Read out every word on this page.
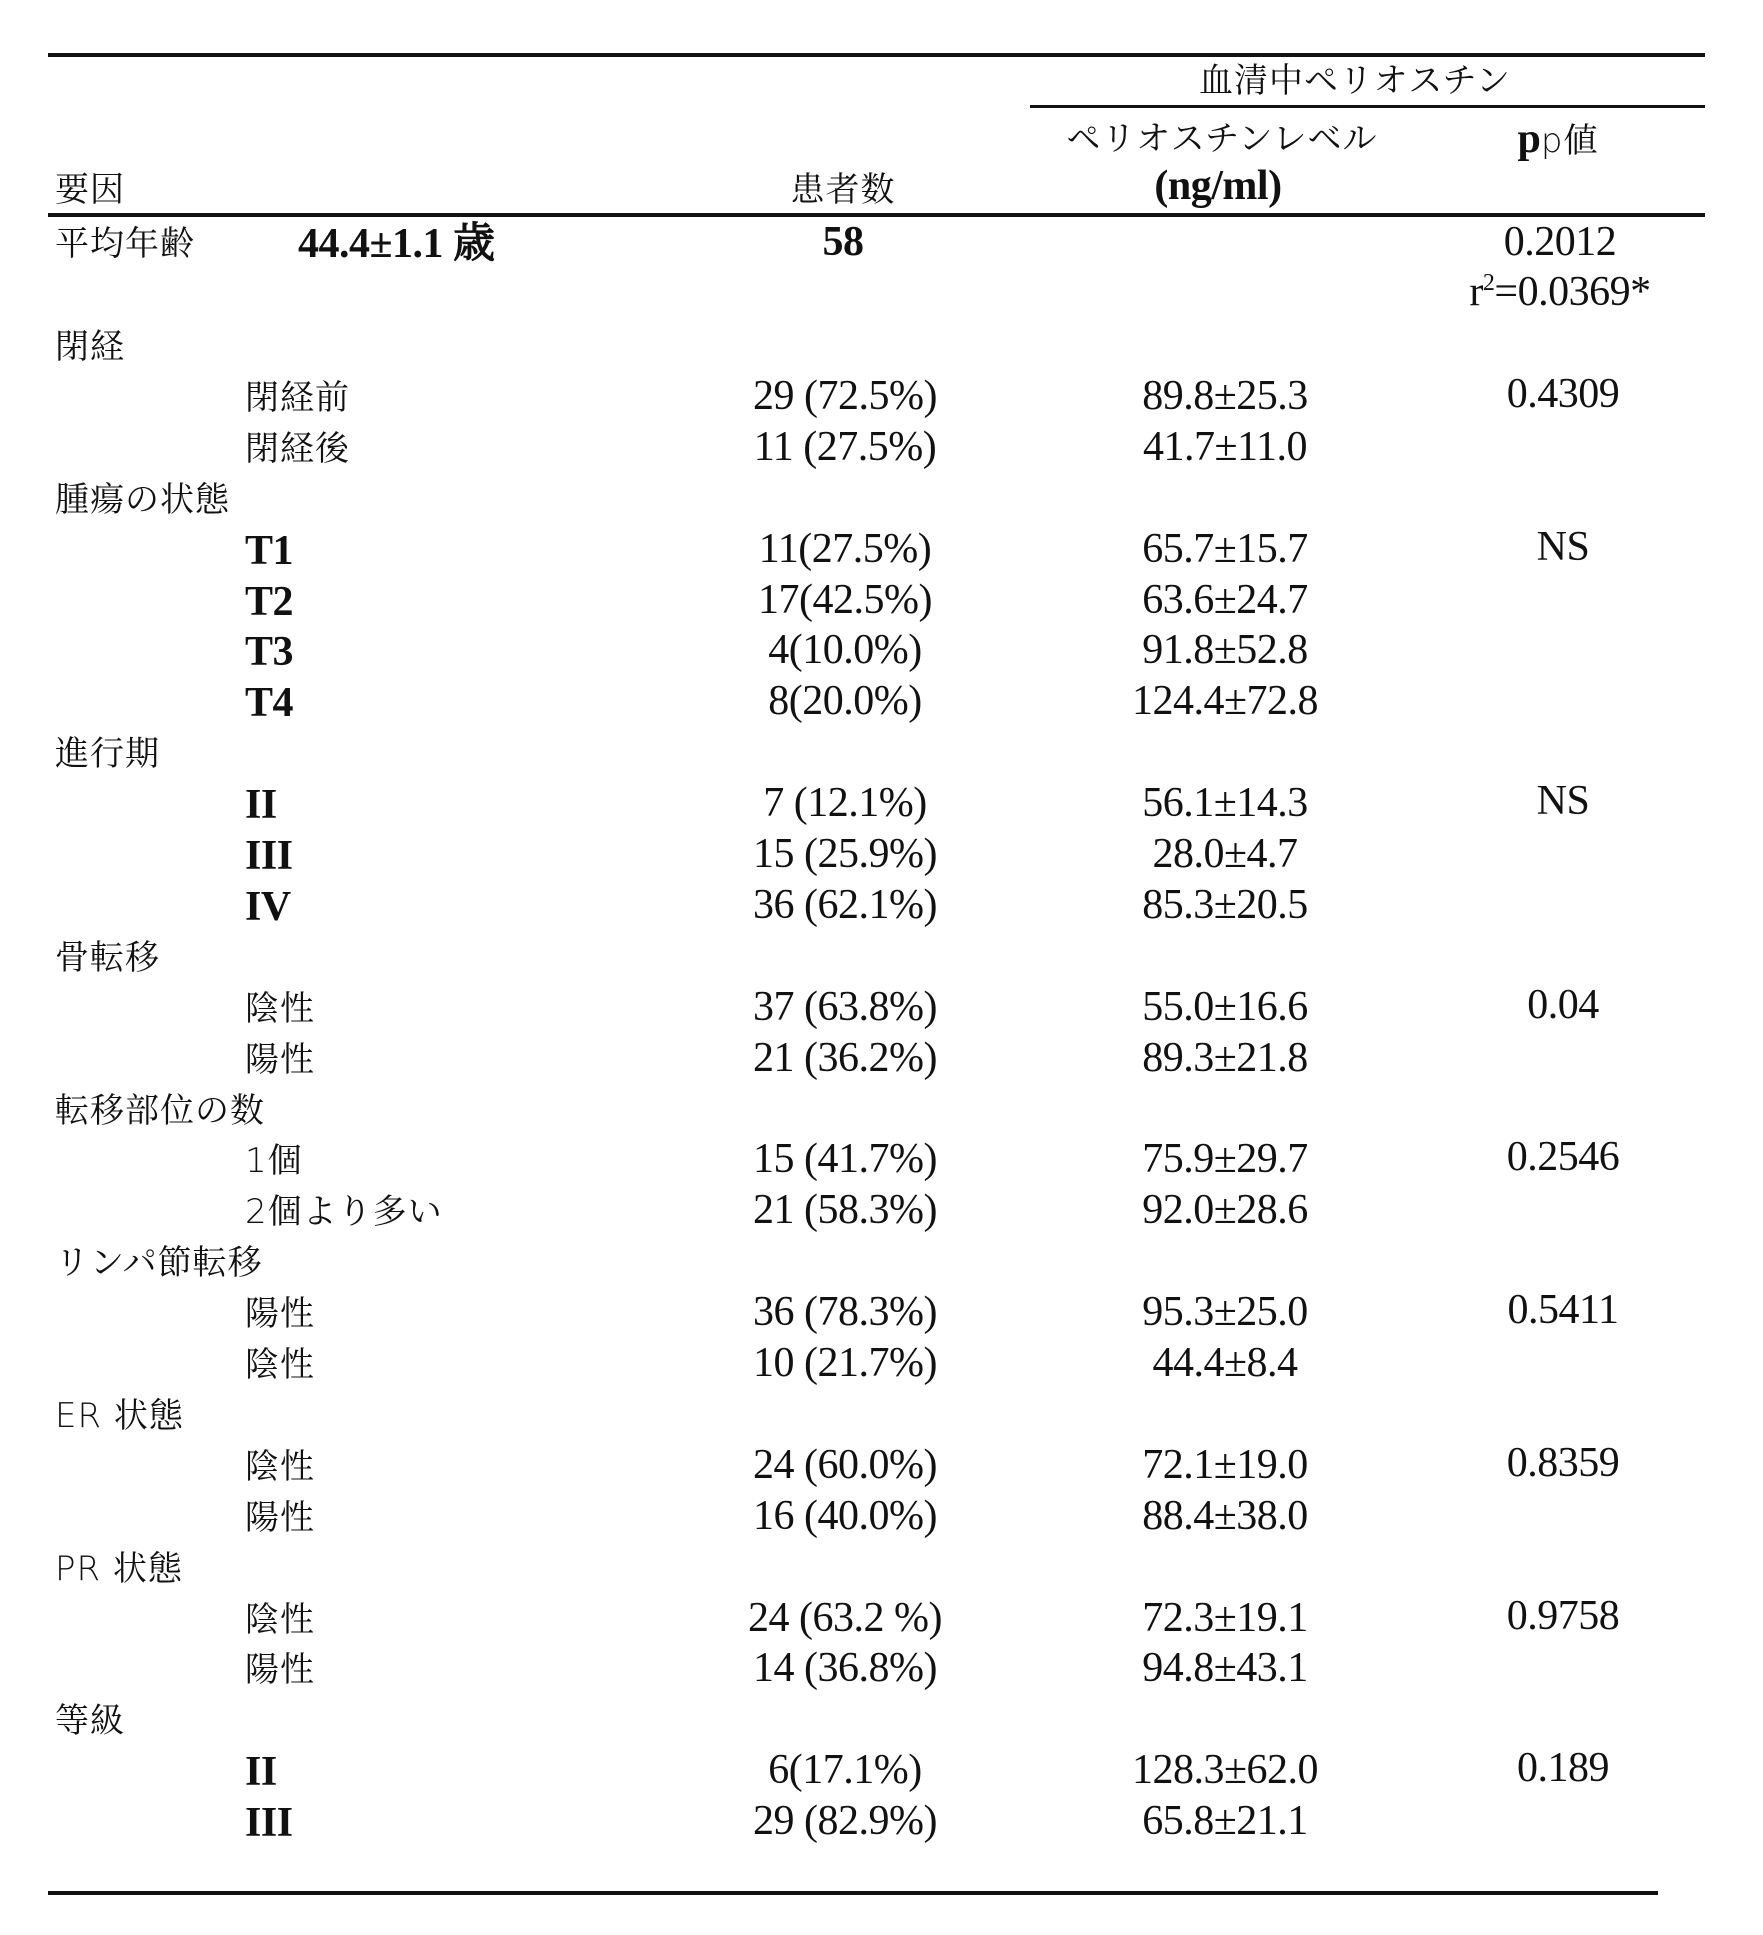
血清中ペリオスチン
ペリオスチンレベル
(ng/ml)
pp値
要因	患者数
平均年齢 44.4±1.1 歳	58	0.2012
r2=0.0369*
閉経
閉経前	29 (72.5%)	89.8±25.3	0.4309
閉経後	11 (27.5%)	41.7±11.0
腫瘍の状態
T1	11(27.5%)	65.7±15.7	NS
T2	17(42.5%)	63.6±24.7
T3	4(10.0%)	91.8±52.8
T4	8(20.0%)	124.4±72.8
進行期
II	7 (12.1%)	56.1±14.3	NS
III	15 (25.9%)	28.0±4.7
IV	36 (62.1%)	85.3±20.5
骨転移
陰性	37 (63.8%)	55.0±16.6	0.04
陽性	21 (36.2%)	89.3±21.8
転移部位の数
1個	15 (41.7%)	75.9±29.7	0.2546
2個より多い	21 (58.3%)	92.0±28.6
リンパ節転移
陽性	36 (78.3%)	95.3±25.0	0.5411
陰性	10 (21.7%)	44.4±8.4
ER 状態
陰性	24 (60.0%)	72.1±19.0	0.8359
陽性	16 (40.0%)	88.4±38.0
PR 状態
陰性	24 (63.2 %)	72.3±19.1	0.9758
陽性	14 (36.8%)	94.8±43.1
等級
II	6(17.1%)	128.3±62.0	0.189
III	29 (82.9%)	65.8±21.1
